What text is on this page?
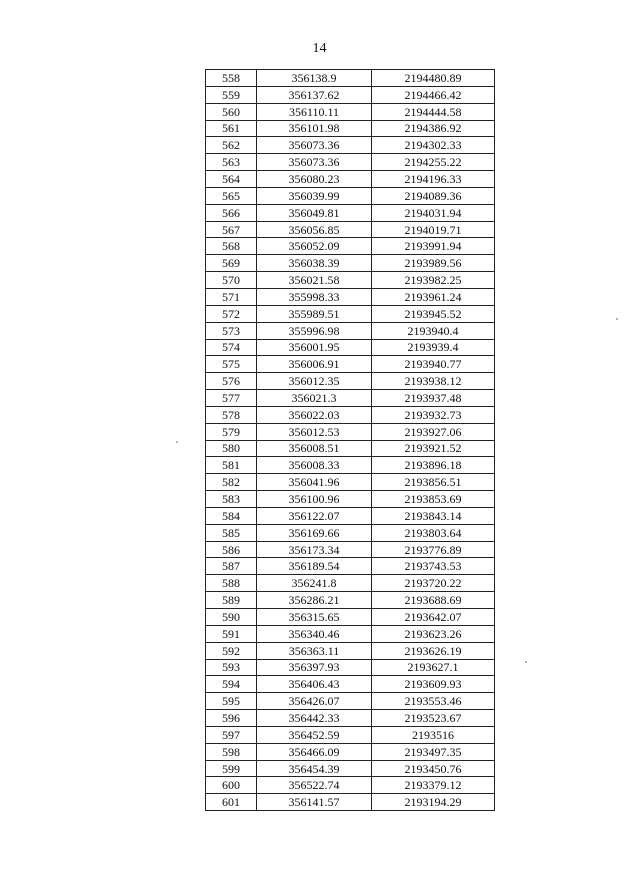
14
558	356138.9	2194480.89
559	356137.62	2194466.42
560	356110.11	2194444.58
561	356101.98	2194386.92
562	356073.36	2194302.33
563	356073.36	2194255.22
564	356080.23	2194196.33
565	356039.99	2194089.36
566	356049.81	2194031.94
567	356056.85	2194019.71
568	356052.09	2193991.94
569	356038.39	2193989.56
570	356021.58	2193982.25
571	355998.33	2193961.24
572	355989.51	2193945.52
573	355996.98	2193940.4
574	356001.95	2193939.4
575	356006.91	2193940.77
576	356012.35	2193938.12
577	356021.3	2193937.48
578	356022.03	2193932.73
579	356012.53	2193927.06
580	356008.51	2193921.52
581	356008.33	2193896.18
582	356041.96	2193856.51
583	356100.96	2193853.69
584	356122.07	2193843.14
585	356169.66	2193803.64
586	356173.34	2193776.89
587	356189.54	2193743.53
588	356241.8	2193720.22
589	356286.21	2193688.69
590	356315.65	2193642.07
591	356340.46	2193623.26
592	356363.11	2193626.19
593	356397.93	2193627.1
594	356406.43	2193609.93
595	356426.07	2193553.46
596	356442.33	2193523.67
597	356452.59	2193516
598	356466.09	2193497.35
599	356454.39	2193450.76
600	356522.74	2193379.12
601	356141.57	2193194.29
